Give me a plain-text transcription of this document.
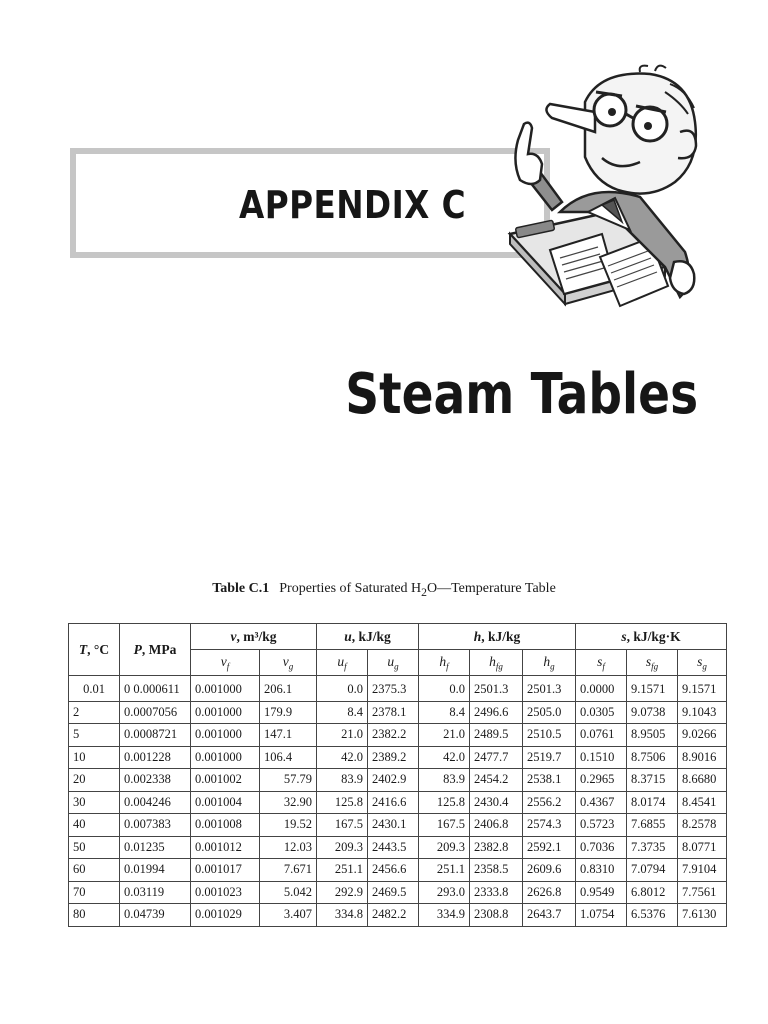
APPENDIX C
Steam Tables
Table C.1 Properties of Saturated $H_2O—Temperature$ Table
T, °C	P, MPa	v, m³/kg		u, kJ/kg		h, kJ/kg			s, kJ/kg·K		
		$v_f$	$v_g$	$u_f$	$u_g$	$h_f$	$h_{fg}$	$h_g$	$s_f$	$s_{fg}$	$s_g$
0.01	0 0.000611	0.001000	206.1	0.0	2375.3	0.0	2501.3	2501.3	0.0000	9.1571	9.1571
2	0.0007056	0.001000	179.9	8.4	2378.1	8.4	2496.6	2505.0	0.0305	9.0738	9.1043
5	0.0008721	0.001000	147.1	21.0	2382.2	21.0	2489.5	2510.5	0.0761	8.9505	9.0266
10	0.001228	0.001000	106.4	42.0	2389.2	42.0	2477.7	2519.7	0.1510	8.7506	8.9016
20	0.002338	0.001002	57.79	83.9	2402.9	83.9	2454.2	2538.1	0.2965	8.3715	8.6680
30	0.004246	0.001004	32.90	125.8	2416.6	125.8	2430.4	2556.2	0.4367	8.0174	8.4541
40	0.007383	0.001008	19.52	167.5	2430.1	167.5	2406.8	2574.3	0.5723	7.6855	8.2578
50	0.01235	0.001012	12.03	209.3	2443.5	209.3	2382.8	2592.1	0.7036	7.3735	8.0771
60	0.01994	0.001017	7.671	251.1	2456.6	251.1	2358.5	2609.6	0.8310	7.0794	7.9104
70	0.03119	0.001023	5.042	292.9	2469.5	293.0	2333.8	2626.8	0.9549	6.8012	7.7561
80	0.04739	0.001029	3.407	334.8	2482.2	334.9	2308.8	2643.7	1.0754	6.5376	7.6130
